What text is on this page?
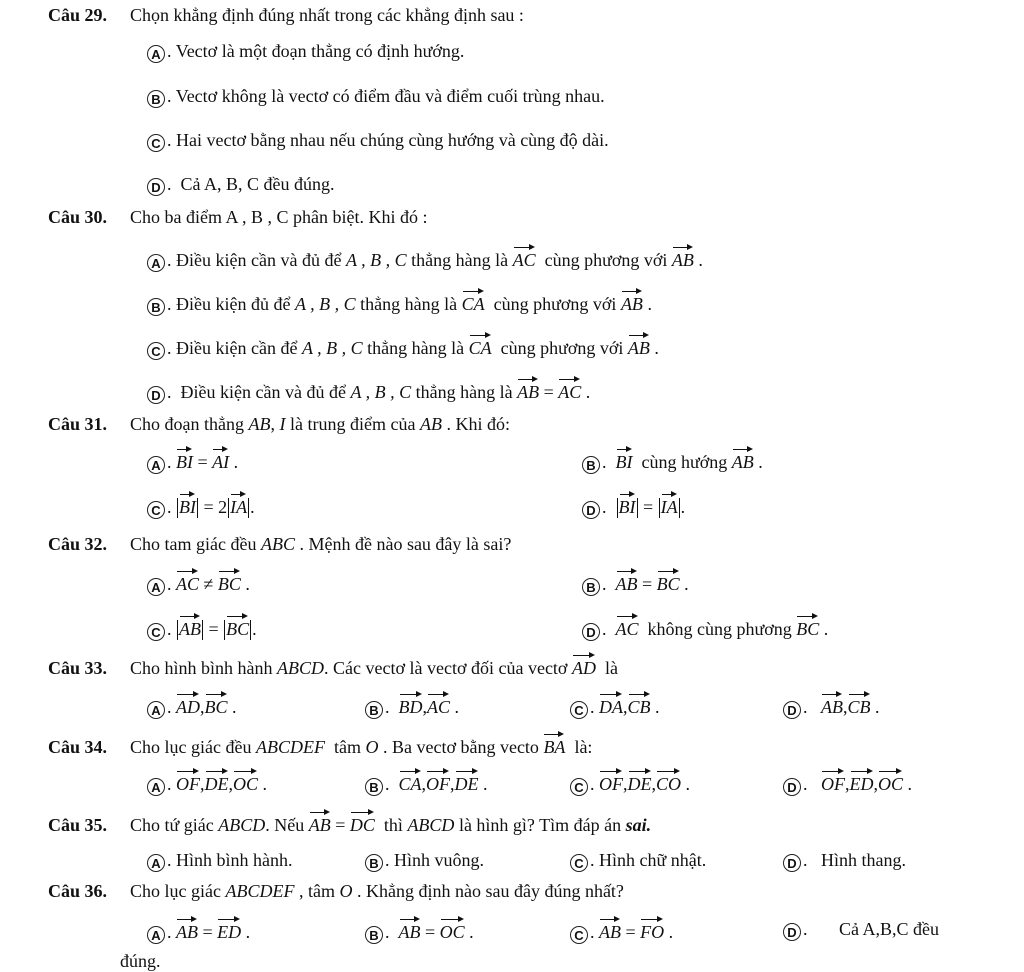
Câu 29. Chọn khẳng định đúng nhất trong các khẳng định sau :
A . Vectơ là một đoạn thẳng có định hướng.
B . Vectơ không là vectơ có điểm đầu và điểm cuối trùng nhau.
C . Hai vectơ bằng nhau nếu chúng cùng hướng và cùng độ dài.
D .  Cả A, B, C đều đúng.
Câu 30. Cho ba điểm A , B , C phân biệt. Khi đó :
A . Điều kiện cần và đủ để A , B , C thẳng hàng là AC cùng phương với AB .
B . Điều kiện đủ để A , B , C thẳng hàng là CA cùng phương với AB .
C . Điều kiện cần để A , B , C thẳng hàng là CA cùng phương với AB .
D .  Điều kiện cần và đủ để A , B , C thẳng hàng là AB = AC .
Câu 31. Cho đoạn thẳng AB, I là trung điểm của AB . Khi đó:
A . BI = AI .	B .  BI cùng hướng AB .
C . BI = 2 IA .	D .  BI = IA .
Câu 32. Cho tam giác đều ABC . Mệnh đề nào sau đây là sai?
A . AC ≠ BC .	B .  AB = BC .
C . AB = BC .	D .  AC không cùng phương BC .
Câu 33. Cho hình bình hành ABCD. Các vectơ là vectơ đối của vectơ AD là
A . AD,BC .	B .  BD,AC .	C . DA,CB .	D .   AB,CB .
Câu 34. Cho lục giác đều ABCDEF tâm O . Ba vectơ bằng vecto BA là:
A . OF,DE,OC .	B .  CA,OF,DE .	C . OF,DE,CO .	D .   OF,ED,OC .
Câu 35. Cho tứ giác ABCD. Nếu AB = DC thì ABCD là hình gì? Tìm đáp án sai.
A . Hình bình hành.	B . Hình vuông.	C . Hình chữ nhật.	D .   Hình thang.
Câu 36. Cho lục giác ABCDEF , tâm O . Khẳng định nào sau đây đúng nhất?
A . AB = ED .	B .  AB = OC .	C . AB = FO .	D .       Cả A,B,C đều
đúng.
